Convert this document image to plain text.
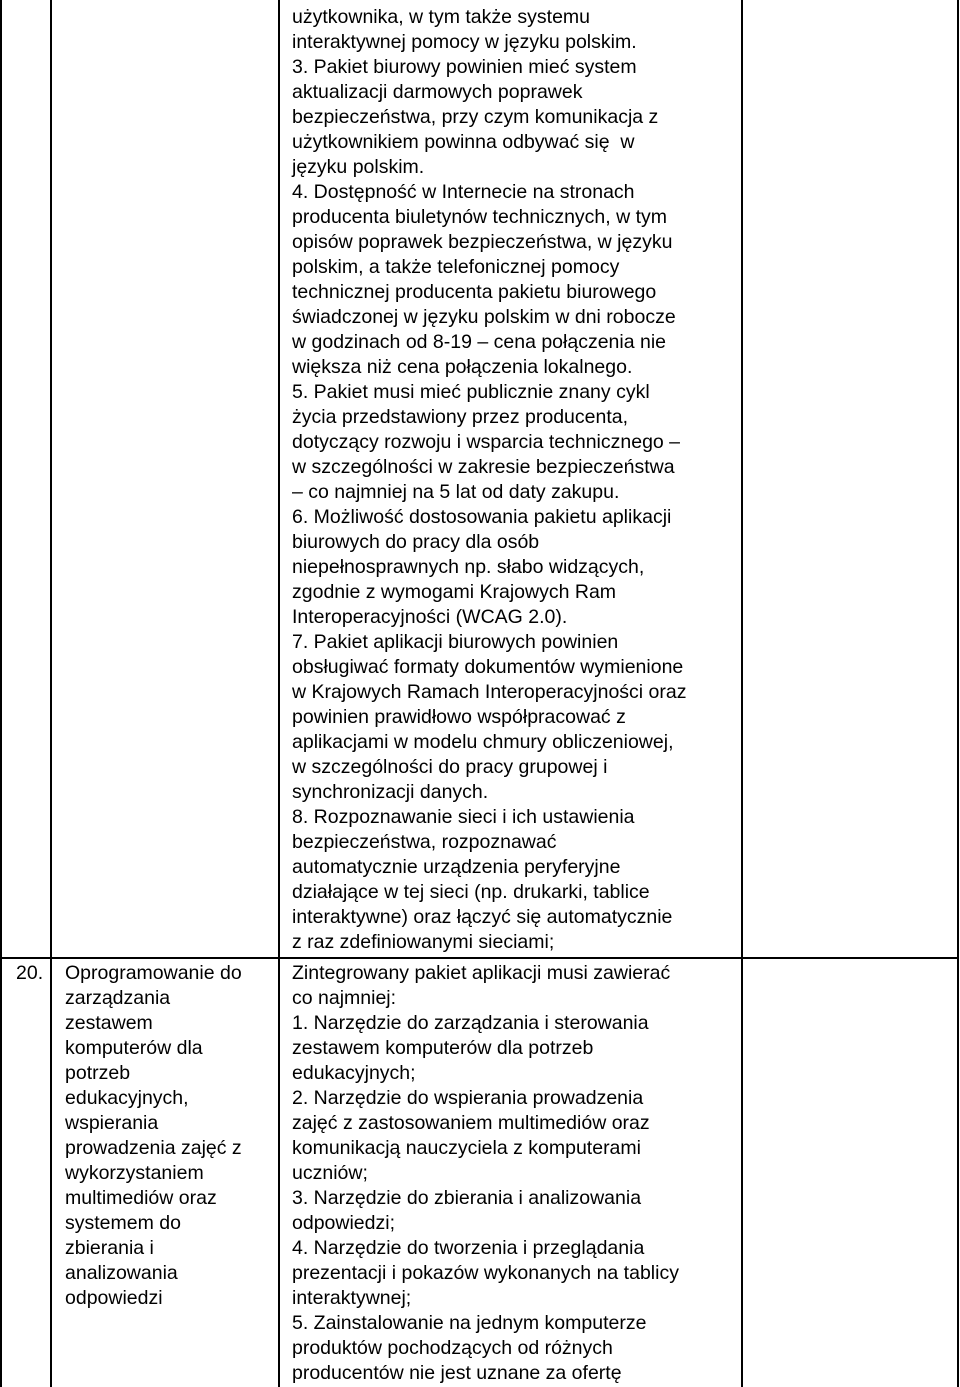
użytkownika, w tym także systemu
interaktywnej pomocy w języku polskim.
3. Pakiet biurowy powinien mieć system
aktualizacji darmowych poprawek
bezpieczeństwa, przy czym komunikacja z
użytkownikiem powinna odbywać się  w
języku polskim.
4. Dostępność w Internecie na stronach
producenta biuletynów technicznych, w tym
opisów poprawek bezpieczeństwa, w języku
polskim, a także telefonicznej pomocy
technicznej producenta pakietu biurowego
świadczonej w języku polskim w dni robocze
w godzinach od 8-19 – cena połączenia nie
większa niż cena połączenia lokalnego.
5. Pakiet musi mieć publicznie znany cykl
życia przedstawiony przez producenta,
dotyczący rozwoju i wsparcia technicznego –
w szczególności w zakresie bezpieczeństwa
– co najmniej na 5 lat od daty zakupu.
6. Możliwość dostosowania pakietu aplikacji
biurowych do pracy dla osób
niepełnosprawnych np. słabo widzących,
zgodnie z wymogami Krajowych Ram
Interoperacyjności (WCAG 2.0).
7. Pakiet aplikacji biurowych powinien
obsługiwać formaty dokumentów wymienione
w Krajowych Ramach Interoperacyjności oraz
powinien prawidłowo współpracować z
aplikacjami w modelu chmury obliczeniowej,
w szczególności do pracy grupowej i
synchronizacji danych.
8. Rozpoznawanie sieci i ich ustawienia
bezpieczeństwa, rozpoznawać
automatycznie urządzenia peryferyjne
działające w tej sieci (np. drukarki, tablice
interaktywne) oraz łączyć się automatycznie
z raz zdefiniowanymi sieciami;
20. Oprogramowanie do
zarządzania
zestawem
komputerów dla
potrzeb
edukacyjnych,
wspierania
prowadzenia zajęć z
wykorzystaniem
multimediów oraz
systemem do
zbierania i
analizowania
odpowiedzi
Zintegrowany pakiet aplikacji musi zawierać
co najmniej:
1. Narzędzie do zarządzania i sterowania
zestawem komputerów dla potrzeb
edukacyjnych;
2. Narzędzie do wspierania prowadzenia
zajęć z zastosowaniem multimediów oraz
komunikacją nauczyciela z komputerami
uczniów;
3. Narzędzie do zbierania i analizowania
odpowiedzi;
4. Narzędzie do tworzenia i przeglądania
prezentacji i pokazów wykonanych na tablicy
interaktywnej;
5. Zainstalowanie na jednym komputerze
produktów pochodzących od różnych
producentów nie jest uznane za ofertę
